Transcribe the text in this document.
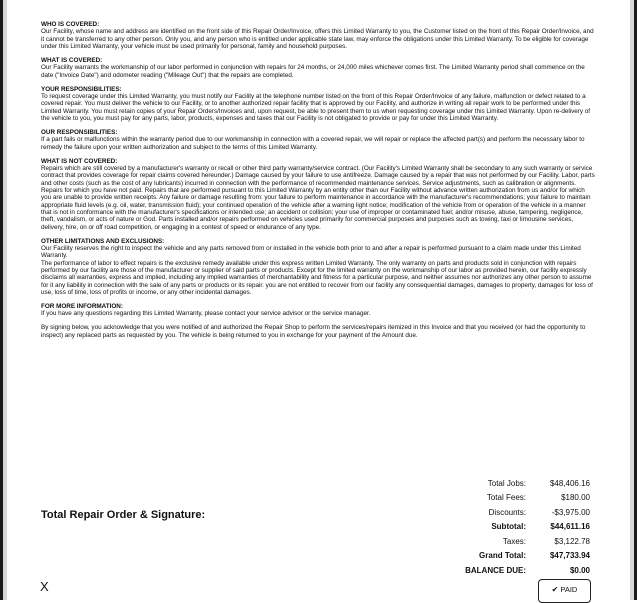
WHO IS COVERED:

Our Facility, whose name and address are identified on the front side of this Repair Order/Invoice, offers this Limited Warranty to you, the Customer listed on the front of this Repair Order/Invoice, and it cannot be transferred to any other person. Only you, and any person who is entitled under applicable state law, may enforce the obligations under this Limited Warranty. To be eligible for coverage under this Limited Warranty, your vehicle must be used primarily for personal, family and household purposes.

WHAT IS COVERED:

Our Facility warrants the workmanship of our labor performed in conjunction with repairs for 24 months, or 24,000 miles whichever comes first. The Limited Warranty period shall commence on the date ("Invoice Date") and odometer reading ("Mileage Out") that the repairs are completed.

YOUR RESPONSIBILITIES:

To request coverage under this Limited Warranty, you must notify our Facility at the telephone number listed on the front of this Repair Order/Invoice of any failure, malfunction or defect related to a covered repair. You must deliver the vehicle to our Facility, or to another authorized repair facility that is approved by our Facility, and authorize in writing all repair work to be performed under this Limited Warranty. You must retain copies of your Repair Orders/Invoices and, upon request, be able to present them to us when requesting coverage under this Limited Warranty. Upon re-delivery of the vehicle to you, you must pay for any parts, labor, products, expenses and taxes that our Facility is not obligated to provide or pay for under this Limited Warranty.

OUR RESPONSIBILITIES:

If a part fails or malfunctions within the warranty period due to our workmanship in connection with a covered repair, we will repair or replace the affected part(s) and perform the necessary labor to remedy the failure upon your written authorization and subject to the terms of this Limited Warranty.

WHAT IS NOT COVERED:

Repairs which are still covered by a manufacturer's warranty or recall or other third party warranty/service contract. (Our Facility's Limited Warranty shall be secondary to any such warranty or service contract that provides coverage for repair claims covered hereunder.) Damage caused by your failure to use antifreeze. Damage caused by a repair that was not performed by our Facility. Labor, parts and other costs (such as the cost of any lubricants) incurred in connection with the performance of recommended maintenance services. Service adjustments, such as calibration or alignments. Repairs for which you have not paid. Repairs that are performed pursuant to this Limited Warranty by an entity other than our Facility without advance written authorization from us and/or for which you are unable to provide written receipts. Any failure or damage resulting from: your failure to perform maintenance in accordance with the manufacturer's recommendations; your failure to maintain appropriate fluid levels (e.g. oil, water, transmission fluid); your continued operation of the vehicle after a warning light notice; modification of the vehicle from or operation of the vehicle in a manner that is not in conformance with the manufacturer's specifications or intended use; an accident or collision; your use of improper or contaminated fuel; and/or misuse, abuse, tampering, negligence, theft, vandalism, or acts of nature or God. Parts installed and/or repairs performed on vehicles used primarily for commercial purposes and purposes such as towing, taxi or limousine services, delivery, hire, on or off road competition, or engaging in a contest of speed or endurance of any type.

OTHER LIMITATIONS AND EXCLUSIONS:

Our Facility reserves the right to inspect the vehicle and any parts removed from or installed in the vehicle both prior to and after a repair is performed pursuant to a claim made under this Limited Warranty.

The performance of labor to effect repairs is the exclusive remedy available under this express written Limited Warranty. The only warranty on parts and products sold in conjunction with repairs performed by our facility are those of the manufacturer or supplier of said parts or products. Except for the limited warranty on the workmanship of our labor as provided herein, our facility expressly disclaims all warranties, express and implied, including any implied warranties of merchantability and fitness for a particular purpose, and neither assumes nor authorizes any other person to assume for it any liability in connection with the sale of any parts or products or its repair. you are not entitled to recover from our facility any consequential damages, damages to property, damages for loss of use, loss of time, loss of profits or income, or any other incidental damages.

FOR MORE INFORMATION:

If you have any questions regarding this Limited Warranty, please contact your service advisor or the service manager.

By signing below, you acknowledge that you were notified of and authorized the Repair Shop to perform the services/repairs itemized in this Invoice and that you received (or had the opportunity to inspect) any replaced parts as requested by you. The vehicle is being returned to you in exchange for your payment of the Amount due.

Total Repair Order & Signature:
X
Total Jobs:	$48,406.16
Total Fees:	$180.00
Discounts:	-$3,975.00
Subtotal:	$44,611.16
Taxes:	$3,122.78
Grand Total:	$47,733.94
BALANCE DUE:	$0.00
✔ PAID
